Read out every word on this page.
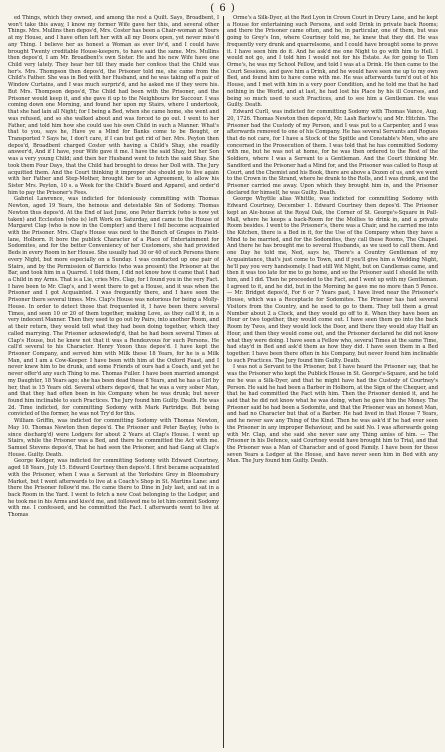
( 6 )

ed Things, which they owned, and among the rest a Quilt. Says, Broadbent, I won't take this away, I know my former Wife gave her this, and several other Things. Mrs. Mullins then depos'd, Mrs. Coster has been a Chair-woman at Yours at my House, and I have often left her with all my Doors open, yet never miss'd any Thing. I believe her as honest a Woman as ever liv'd, and I could have brought Twenty creditable House-keepers, to have said the same. Mrs. Mullins then depos'd, I am Mr. Broadbent's own Sister. He and his new Wife have one Child very lately. They hear her till they made her confess that the Child was her's. Mrs. Thompson then depos'd, the Prisoner told me, she came from the Child's Father. She was in Bed with her Husband, and he was taking off a pair of Window Curtains, and I was much surpriz'd, and he asked me if they were his. But Mrs. Thompson depos'd, The Child had been with the Prisoner, and the Prisoner would keep it, and she gave it up to the Neighbours for Succour. I was coming down one Morning, and found her upon my Stairs, where I undertook, that she had lain all Night; for I being a Bed, when she came home, she went and was refused, and so she walked about and was forced to go out. I went to her Father, and told him how she could use his own Child in such a Manner. What's that to you, says he, Have ye a Mind for Banks come to be Bought, or Transported ? Says he, I don't care, if I can but get rid of her. Mrs. Peyton then depos'd, Broadbent charged Coster with having a Child's Shay, she readily answer'd, And if I have, your Wife gave it me. I have the said Shay, but her Son was a very young Child; and then her Husband went to fetch the said Shay. She took them Four Days, that the Child had brought to dress her Doll with. The Jury acquitted them. And the Court thinking it improper she should go to live again with her Father and Step-Mother, brought her to an Agreement, to allow his Sister Mrs. Peyton, 10 s. a Week for the Child's Board and Apparel, and order'd him to pay the Prisoner's Fees.

Gabriel Lawrence, was indicted for feloniously committing with Thomas Newton, aged 19 Years, the heinous and detestable Sin of Sodomy. Thomas Newton thus depos'd. At the End of last June, one Peter Barrick (who is now yet taken) and Eccleston (who is) left Work on Saturday, and came to the House of Margaret Clap (who is now in the Compter) and there I fell become acquainted with the Prisoner. Mrs. Clap's House was next to the Bunch of Grapes in Field-lane, Holborn. It bore the publick Character of a Place of Entertainment for Sodomites, and for the better Conveniency of her Customers, she had provided Beds in every Room in her House. She usually had 30 or 40 of such Persons there every Night, but more especially on a Sunday. I was conducted up one pair of Stairs, and by the Permission of Barricks (who was present) the Prisoner at the Bar, and took him in a Quarrel. I told them, I did not know how it came that I had a Child in my Arms. That is a Lie, cries Mrs. Clap, for I found you in the very Fact. I have been to Mr. Clap's, and I went there to get a House, and it was when the Prisoner and I got Acquainted. I was frequently there, and I have seen the Prisoner there several times. Mrs. Clap's House was notorious for being a Molly-House. In order to detect those that frequented it, I have been there several Times, and seen 10 or 20 of them together, making Love, as they call'd it, in a very indecent Manner. Then they used to go out by Pairs, into another Room, and at their return, they would tell what they had been doing together, which they called marrying. The Prisoner acknowledg'd, that he had been several Times at Clap's House, but he knew not that it was a Rendezvous for such Persons. He call'd several to his Character. Henry Yoxon thus depos'd. I have kept the Prisoner Company, and served him with Milk these 18 Years, for he is a Milk Man, and I am a Cow-Keeper. I have been with him at the Oxford Feast, and I never knew him to be drunk, and some Friends of ours had a Coach, and yet he never offer'd any such Thing to me. Thomas Fuller. I have been married amongst my Daughter, 18 Years ago; she has been dead these 8 Years, and he has a Girl by her, that is 15 Years old. Several others depos'd, that he was a very sober Man, and that they had often been in his Company when he was drunk; but never found him inclinable to such Practices. The Jury found him Guilty. Death. He was 2d. Time indicted, for committing Sodomy with Mark Partridge. But being convicted of the former, he was not Try'd for this.

William Griffin, was indicted for committing Sodomy with Thomas Newton, May 10. Thomas Newton then depos'd. The Prisoner and Peter Bayley, (who is since discharg'd) were Lodgers for about 2 Years at Clap's House. I went up Stairs, while the Prisoner was a Bed, and there he committed the Act with me. Samuel Stevens depos'd, That he had seen the Prisoner, and had Gang at Clap's House. Guilty. Death.

George Kedger, was indicted for committing Sodomy with Edward Courtney, aged 18 Years, July 15. Edward Courtney then depos'd. I first became acquainted with the Prisoner, when I was a Servant at the Yorkshire Grey in Bloomsbury Market, but I went afterwards to live at a Coach's Shop in St. Martins Lane: and there the Prisoner follow'd me. He came there to Dine in July last, and sat in a back Room in the Yard. I went to fetch a new Coat belonging to the Lodger, and he took me in his Arms and kiss'd me, and followed me to let him commit Sodomy with me. I confessed, and he committed the Fact. I afterwards went to live at Thomas

Orme's a Silk-Dyer, at the Red Lyon in Crown Court in Drury Lane, and he kept a House for entertaining such Persons, and sold Drink in private back Rooms; and there the Prisoner came often, and he, in particular, one of them, but was going to Grey's Inn, where Courtney told me, he knew that they did. He was frequently very drunk and quarrelsome, and I could have brought some to prove it. I have seen him do it. And he ask'd me one Night to go with him to Hell. I would not go, and I told him I would not for his Estate. As for going to Tom Orme's, he was my School Fellow, and told I was at a Drink. He then came to the Court Sessions, and gave him a Drink, and he would have seen me up to my own Bed, and found him to have come with me. He was afterwards turn'd out of his House, and I met with him in a very poor Condition, and he told me that he had nothing in the World, and at last, he had lost his Place by his ill Courses, and being so much used to such Practices, and to see him a Gentleman. He was Guilty. Death.

Edward Curll, was indicted for committing Sodomy with Thomas Vance, Aug. 20, 1726. Thomas Newton then depos'd, Mr. Lash Barlow's; and Mr. Hitchin. The Prisoner had the Custody of my Person, and I was put to a Carpenter, and I was afterwards removed to one of his Company. He has several Servants and Rogues that do not care, for I have a Stock of the Spittle and Constable's Men, who are concerned in the Prosecution of them. I was told that he has committed Sodomy with me, but he was not at home, for he was then ordered to the Rest of the Soldiers, where I was a Servant to a Gentleman. And the Court thinking Mr. Sandford and the Prisoner had a Mind for, and the Prisoner was called to Roup at Court, and the Chemist and his Book, there are above a Dozen of us, and we went to the Crown in the Strand, where he drank to the Rolls, and I was drunk, and the Prisoner carried me away. Upon which they brought him in, and the Prisoner declared for himself, he was Guilty. Death.

George Whyttle alias Whittle, was indicted for committing Sodomy with Edward Courtney, December 1. Edward Courtney then depos'd. The Prisoner kept an Ale-house at the Royal Oak, the Corner of St. George's-Square in Pall-Mall, where he keeps a back-Room for the Mollies to drink in, and a private Room besides. I went to the Prisoner's, there was a Chair, and he carried me into the Kitchen, there is a Bed in it, for the Use of the Company when they have a Mind to be married, and for the Sodomites, they call these Rooms, The Chapel. And there he has brought me to several Husbands, as we used to call them. And one Day he told me, Ned, says he, There's a Country Gentleman of my Acquaintance, that's just come to Town, and if you'll give him a Wedding Night, he'll pay you very handsomely. I had still Wit Night, but on Candlemas came, and then it was too late for me to go home, and so the Prisoner said I should lie with him, and I did. Then he proceeded to the Fact, and I went up with my Gentleman. I agreed to it, and he did, but in the Morning he gave me no more than 5 Pence. — Mr. Bridget depos'd, For 6 or 7 Years past, I have lived near the Prisoner's House, which was a Receptacle for Sodomites. The Prisoner has had several Visitors from the Country, and he used to go to them. They tell them a great Number about 2 a Clock, and they would go off to it. When they have been an Hour or two together, they would come out. I have seen them go into the back Room by Twos, and they would lock the Door, and there they would stay Half an Hour, and then they would come out, and the Prisoner declared he did not know what they were doing. I have seen a Fellow who, several Times at the same Time, had stay'd in Bed and ask'd them as how they did. I have seen them in a Bed together. I have been there often in his Company, but never found him inclinable to such Practices. The Jury found him Guilty. Death.

I was not a Servant to the Prisoner, but I have heard the Prisoner say, that he was the Prisoner who kept the Publick House in St. George's-Square, and he told me he was a Silk-Dyer, and that he might have had the Custody of Courtney's Person. He said he had been a Barber in Holborn, at the Sign of the Chequer, and that he had committed the Fact with him. Then the Prisoner denied it, and he said that he did not know what he was doing, when he gave him the Money. The Prisoner said he had been a Sodomite, and that the Prisoner was an honest Man, and had no Character but that of a Barber. He had lived in that House 7 Years, and he never saw any Thing of the Kind. Then he was ask'd if he had ever seen the Prisoner in any improper Behaviour, and he said No. I was afterwards going with Mr. Clap, and she said she never saw any Thing amiss of him. — The Prisoner in his Defence, said Courtney would have brought him to Trial, and that the Prisoner was a Man of Character and of good Family. I have been for these seven Years a Lodger at the House, and have never seen him in Bed with any Man. The Jury found him Guilty. Death.
